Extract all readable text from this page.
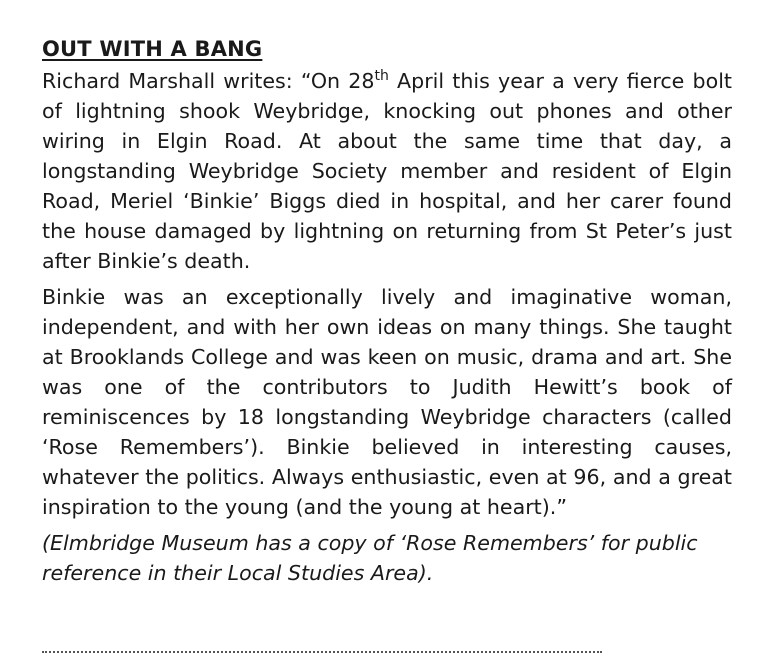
OUT WITH A BANG

Richard Marshall writes: “On 28th April this year a very fierce bolt of lightning shook Weybridge, knocking out phones and other wiring in Elgin Road. At about the same time that day, a longstanding Weybridge Society member and resident of Elgin Road, Meriel ‘Binkie’ Biggs died in hospital, and her carer found the house damaged by lightning on returning from St Peter’s just after Binkie’s death.

Binkie was an exceptionally lively and imaginative woman, independent, and with her own ideas on many things. She taught at Brooklands College and was keen on music, drama and art. She was one of the contributors to Judith Hewitt’s book of reminiscences by 18 longstanding Weybridge characters (called ‘Rose Remembers’). Binkie believed in interesting causes, whatever the politics. Always enthusiastic, even at 96, and a great inspiration to the young (and the young at heart).”

(Elmbridge Museum has a copy of ‘Rose Remembers’ for public reference in their Local Studies Area).
